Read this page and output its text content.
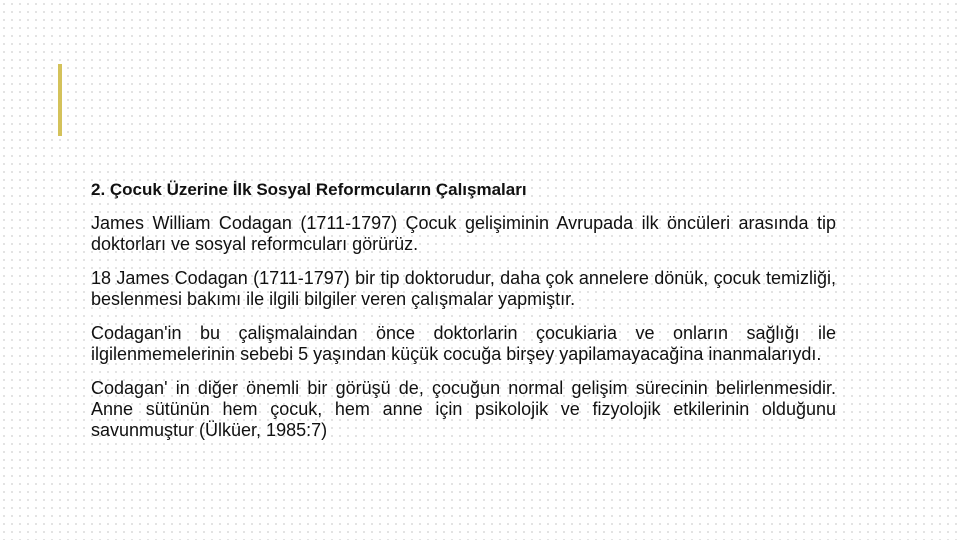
2. Çocuk Üzerine İlk Sosyal Reformcuların Çalışmaları

James William Codagan (1711-1797) Çocuk gelişiminin Avrupada ilk öncüleri arasında tip doktorları ve sosyal reformcuları görürüz.

18 James Codagan (1711-1797) bir tip doktorudur, daha çok annelere dönük, çocuk temizliği, beslenmesi bakımı ile ilgili bilgiler veren çalışmalar yapmiştır.

Codagan'in bu çalişmalaindan önce doktorlarin çocukiaria ve onların sağlığı ile ilgilenmemelerinin sebebi 5 yaşından küçük cocuğa birşey yapilamayacağina inanmalarıydı.

Codagan' in diğer önemli bir görüşü de, çocuğun normal gelişim sürecinin belirlenmesidir. Anne sütünün hem çocuk, hem anne için psikolojik ve fizyolojik etkilerinin olduğunu savunmuştur (Ülküer, 1985:7)
